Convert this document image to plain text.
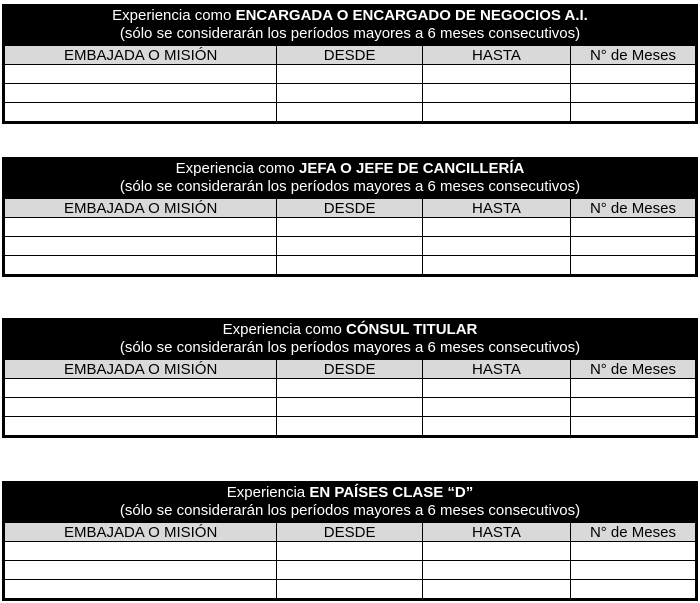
Experiencia como ENCARGADA O ENCARGADO DE NEGOCIOS A.I.
(sólo se considerarán los períodos mayores a 6 meses consecutivos)
EMBAJADA O MISIÓN	DESDE	HASTA	N° de Meses

Experiencia como JEFA O JEFE DE CANCILLERÍA
(sólo se considerarán los períodos mayores a 6 meses consecutivos)
EMBAJADA O MISIÓN	DESDE	HASTA	N° de Meses

Experiencia como CÓNSUL TITULAR
(sólo se considerarán los períodos mayores a 6 meses consecutivos)
EMBAJADA O MISIÓN	DESDE	HASTA	N° de Meses

Experiencia EN PAÍSES CLASE “D”
(sólo se considerarán los períodos mayores a 6 meses consecutivos)
EMBAJADA O MISIÓN	DESDE	HASTA	N° de Meses
